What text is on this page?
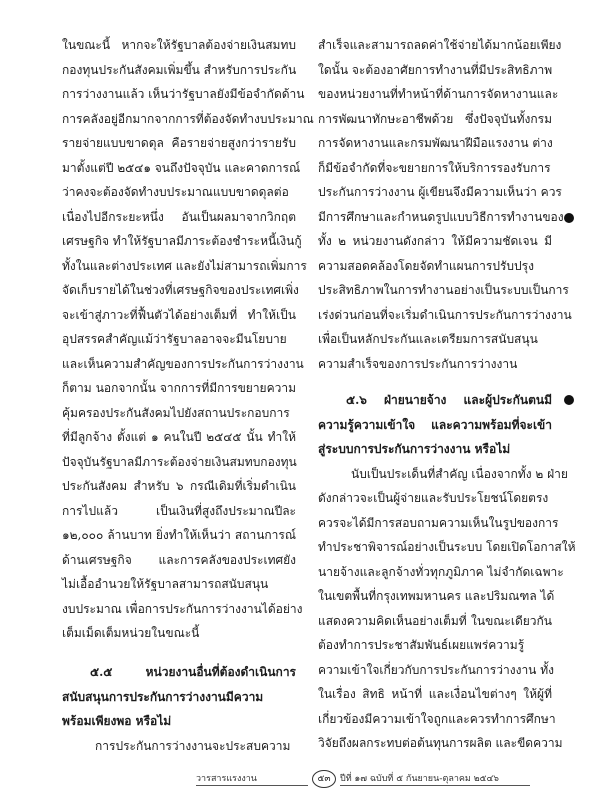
ในขณะนี้ หากจะให้รัฐบาลต้องจ่ายเงินสมทบ
กองทุนประกันสังคมเพิ่มขึ้น สำหรับการประกัน
การว่างงานแล้ว เห็นว่ารัฐบาลยังมีข้อจำกัดด้าน
การคลังอยู่อีกมากจากการที่ต้องจัดทำงบประมาณ
รายจ่ายแบบขาดดุล คือรายจ่ายสูงกว่ารายรับ
มาตั้งแต่ปี ๒๕๔๑ จนถึงปัจจุบัน และคาดการณ์
ว่าคงจะต้องจัดทำงบประมาณแบบขาดดุลต่อ
เนื่องไปอีกระยะหนึ่ง อันเป็นผลมาจากวิกฤต
เศรษฐกิจ ทำให้รัฐบาลมีภาระต้องชำระหนี้เงินกู้
ทั้งในและต่างประเทศ และยังไม่สามารถเพิ่มการ
จัดเก็บรายได้ในช่วงที่เศรษฐกิจของประเทศเพิ่ง
จะเข้าสู่ภาวะที่ฟื้นตัวได้อย่างเต็มที่ ทำให้เป็น
อุปสรรคสำคัญแม้ว่ารัฐบาลอาจจะมีนโยบาย
และเห็นความสำคัญของการประกันการว่างงาน
ก็ตาม นอกจากนั้น จากการที่มีการขยายความ
คุ้มครองประกันสังคมไปยังสถานประกอบการ
ที่มีลูกจ้าง ตั้งแต่ ๑ คนในปี ๒๕๔๕ นั้น ทำให้
ปัจจุบันรัฐบาลมีภาระต้องจ่ายเงินสมทบกองทุน
ประกันสังคม สำหรับ ๖ กรณีเดิมที่เริ่มดำเนิน
การไปแล้ว เป็นเงินที่สูงถึงประมาณปีละ
๑๒,๐๐๐ ล้านบาท ยิ่งทำให้เห็นว่า สถานการณ์
ด้านเศรษฐกิจ และการคลังของประเทศยัง
ไม่เอื้ออำนวยให้รัฐบาลสามารถสนับสนุน
งบประมาณ เพื่อการประกันการว่างงานได้อย่าง
เต็มเม็ดเต็มหน่วยในขณะนี้
๕.๕ หน่วยงานอื่นที่ต้องดำเนินการ
สนับสนุนการประกันการว่างงานมีความ
พร้อมเพียงพอ หรือไม่
การประกันการว่างงานจะประสบความ
สำเร็จและสามารถลดค่าใช้จ่ายได้มากน้อยเพียง
ใดนั้น จะต้องอาศัยการทำงานที่มีประสิทธิภาพ
ของหน่วยงานที่ทำหน้าที่ด้านการจัดหางานและ
การพัฒนาทักษะอาชีพด้วย ซึ่งปัจจุบันทั้งกรม
การจัดหางานและกรมพัฒนาฝีมือแรงงาน ต่าง
ก็มีข้อจำกัดที่จะขยายการให้บริการรองรับการ
ประกันการว่างงาน ผู้เขียนจึงมีความเห็นว่า ควร
มีการศึกษาและกำหนดรูปแบบวิธีการทำงานของ
ทั้ง ๒ หน่วยงานดังกล่าว ให้มีความชัดเจน มี
ความสอดคล้องโดยจัดทำแผนการปรับปรุง
ประสิทธิภาพในการทำงานอย่างเป็นระบบเป็นการ
เร่งด่วนก่อนที่จะเริ่มดำเนินการประกันการว่างงาน
เพื่อเป็นหลักประกันและเตรียมการสนับสนุน
ความสำเร็จของการประกันการว่างงาน
๕.๖ ฝ่ายนายจ้าง และผู้ประกันตนมี
ความรู้ความเข้าใจ และความพร้อมที่จะเข้า
สู่ระบบการประกันการว่างงาน หรือไม่
นับเป็นประเด็นที่สำคัญ เนื่องจากทั้ง ๒ ฝ่าย
ดังกล่าวจะเป็นผู้จ่ายและรับประโยชน์โดยตรง
ควรจะได้มีการสอบถามความเห็นในรูปของการ
ทำประชาพิจารณ์อย่างเป็นระบบ โดยเปิดโอกาสให้
นายจ้างและลูกจ้างทั่วทุกภูมิภาค ไม่จำกัดเฉพาะ
ในเขตพื้นที่กรุงเทพมหานคร และปริมณฑล ได้
แสดงความคิดเห็นอย่างเต็มที่ ในขณะเดียวกัน
ต้องทำการประชาสัมพันธ์เผยแพร่ความรู้
ความเข้าใจเกี่ยวกับการประกันการว่างงาน ทั้ง
ในเรื่อง สิทธิ หน้าที่ และเงื่อนไขต่างๆ ให้ผู้ที่
เกี่ยวข้องมีความเข้าใจถูกและควรทำการศึกษา
วิจัยถึงผลกระทบต่อต้นทุนการผลิต และขีดความ
วารสารแรงงาน	๕๓	ปีที่ ๑๗ ฉบับที่ ๕ กันยายน-ตุลาคม ๒๕๔๖
